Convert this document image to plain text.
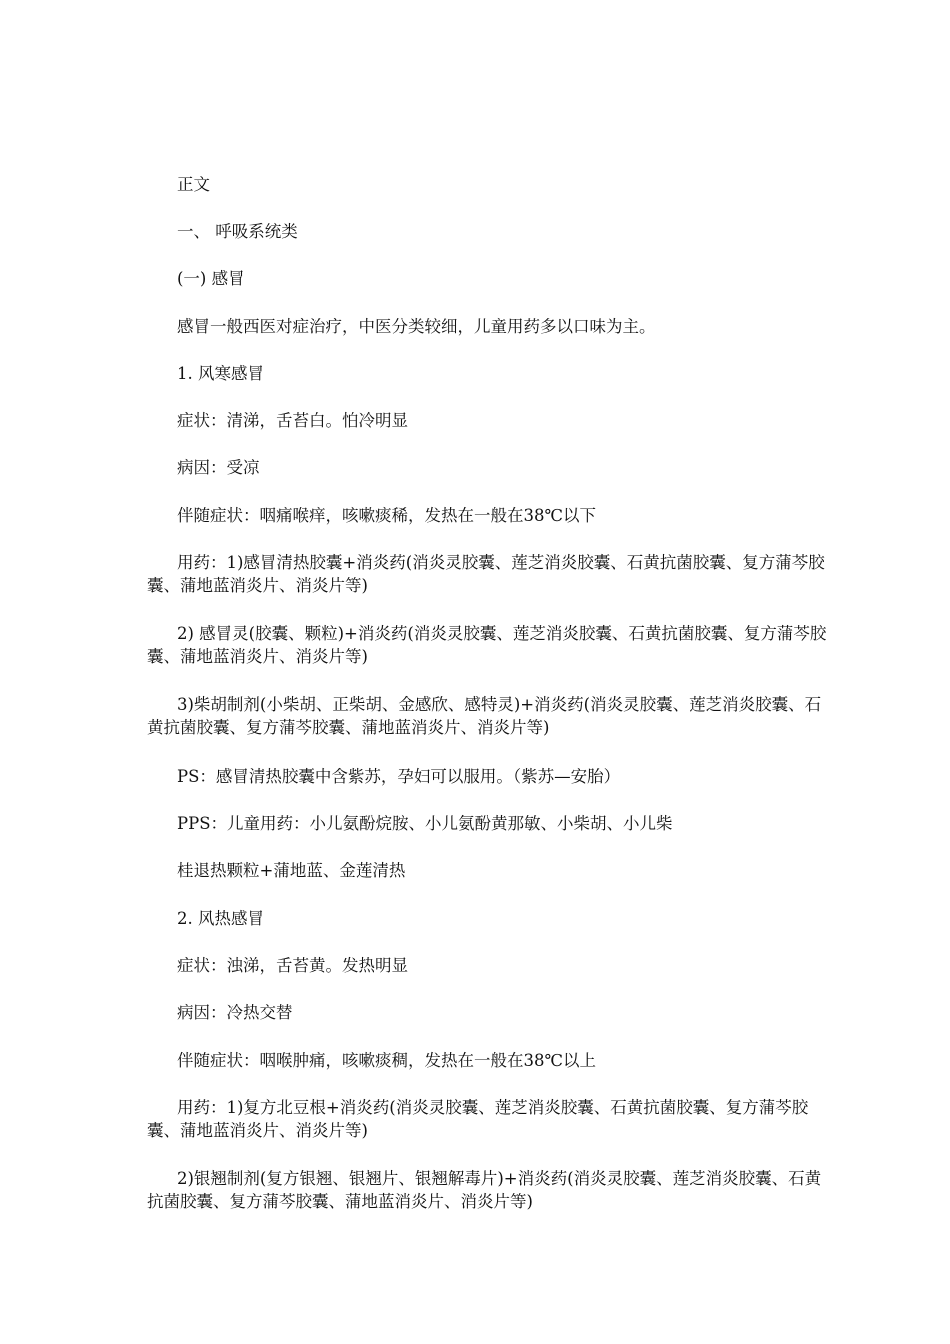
正文

一、 呼吸系统类

(一) 感冒

感冒一般西医对症治疗，中医分类较细，儿童用药多以口味为主。

1. 风寒感冒

症状：清涕，舌苔白。怕冷明显

病因：受凉

伴随症状：咽痛喉痒，咳嗽痰稀，发热在一般在38℃以下

用药：1)感冒清热胶囊+消炎药(消炎灵胶囊、莲芝消炎胶囊、石黄抗菌胶囊、复方蒲芩胶囊、蒲地蓝消炎片、消炎片等)

2) 感冒灵(胶囊、颗粒)+消炎药(消炎灵胶囊、莲芝消炎胶囊、石黄抗菌胶囊、复方蒲芩胶囊、蒲地蓝消炎片、消炎片等)

3)柴胡制剂(小柴胡、正柴胡、金感欣、感特灵)+消炎药(消炎灵胶囊、莲芝消炎胶囊、石黄抗菌胶囊、复方蒲芩胶囊、蒲地蓝消炎片、消炎片等)

PS：感冒清热胶囊中含紫苏，孕妇可以服用。（紫苏—安胎）

PPS：儿童用药：小儿氨酚烷胺、小儿氨酚黄那敏、小柴胡、小儿柴

桂退热颗粒+蒲地蓝、金莲清热

2. 风热感冒

症状：浊涕，舌苔黄。发热明显

病因：冷热交替

伴随症状：咽喉肿痛，咳嗽痰稠，发热在一般在38℃以上

用药：1)复方北豆根+消炎药(消炎灵胶囊、莲芝消炎胶囊、石黄抗菌胶囊、复方蒲芩胶囊、蒲地蓝消炎片、消炎片等)

2)银翘制剂(复方银翘、银翘片、银翘解毒片)+消炎药(消炎灵胶囊、莲芝消炎胶囊、石黄抗菌胶囊、复方蒲芩胶囊、蒲地蓝消炎片、消炎片等)
